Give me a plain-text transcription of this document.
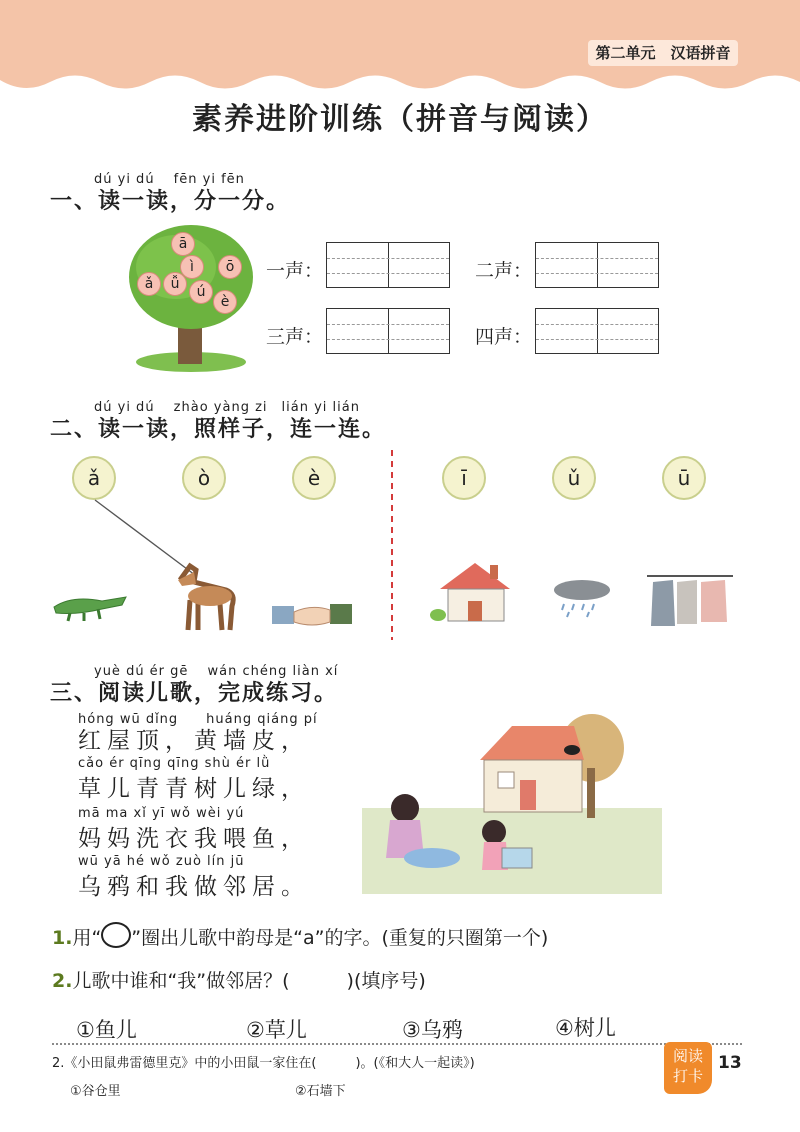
第二单元　汉语拼音
素养进阶训练（拼音与阅读）
dú yi dú　 fēn yi fēn
一、读一读，分一分。
ā
ì	ō
ǎ	ǚ	ú
è
一声：	二声：
三声：	四声：
dú yi dú　 zhào yàng zi　lián yi lián
二、读一读，照样子，连一连。
ǎ	ò	è	ī	ǔ	ū
yuè dú ér gē　 wán chéng liàn xí
三、阅读儿歌，完成练习。
hóng wū dǐng　　huáng qiáng pí
红屋顶，黄墙皮，
cǎo ér qīng qīng shù ér lǜ
草儿青青树儿绿，
mā ma xǐ yī wǒ wèi yú
妈妈洗衣我喂鱼，
wū yā hé wǒ zuò lín jū
乌鸦和我做邻居。
1.用“○”圈出儿歌中韵母是“a”的字。(重复的只圈第一个)
2.儿歌中谁和“我”做邻居？(　　　)(填序号)
①鱼儿	②草儿	③乌鸦	④树儿
2.《小田鼠弗雷德里克》中的小田鼠一家住在(　　　)。(《和大人一起读》)
①谷仓里	②石墙下
阅读
打卡
13
